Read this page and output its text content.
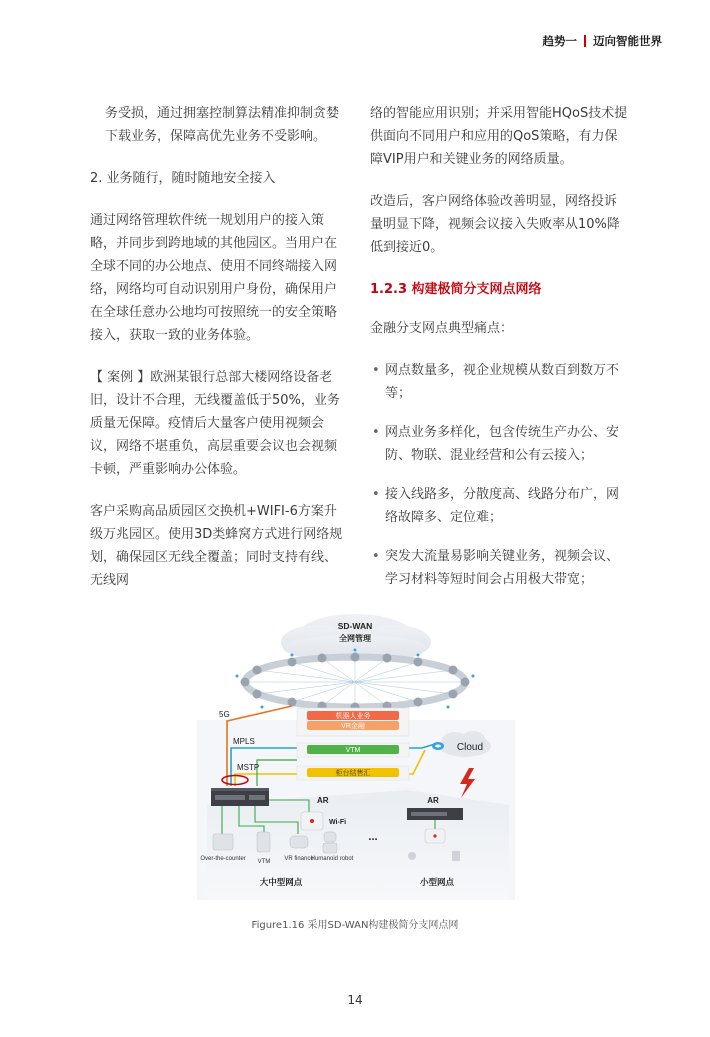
趋势一 迈向智能世界

务受损，通过拥塞控制算法精准抑制贪婪下载业务，保障高优先业务不受影响。

2. 业务随行，随时随地安全接入

通过网络管理软件统一规划用户的接入策略，并同步到跨地域的其他园区。当用户在全球不同的办公地点、使用不同终端接入网络，网络均可自动识别用户身份，确保用户在全球任意办公地均可按照统一的安全策略接入，获取一致的业务体验。

【 案例 】欧洲某银行总部大楼网络设备老旧，设计不合理，无线覆盖低于50%，业务质量无保障。疫情后大量客户使用视频会议，网络不堪重负，高层重要会议也会视频卡顿，严重影响办公体验。

客户采购高品质园区交换机+WIFI-6方案升级万兆园区。使用3D类蜂窝方式进行网络规划，确保园区无线全覆盖；同时支持有线、无线网

络的智能应用识别；并采用智能HQoS技术提供面向不同用户和应用的QoS策略，有力保障VIP用户和关键业务的网络质量。

改造后，客户网络体验改善明显，网络投诉量明显下降，视频会议接入失败率从10%降低到接近0。

1.2.3 构建极简分支网点网络

金融分支网点典型痛点：

• 网点数量多，视企业规模从数百到数万不等；
• 网点业务多样化，包含传统生产办公、安防、物联、混业经营和公有云接入；
• 接入线路多，分散度高、线路分布广，网络故障多、定位难；
• 突发大流量易影响关键业务，视频会议、学习材料等短时间会占用极大带宽；
SD-WAN
全网管理
5G
MPLS
MSTP
机器人业务
VR金融
VTM
柜台结售汇
Cloud
AR
Wi-Fi
Over-the-counter VTM VR finance
Humanoid robot
...
AR
大中型网点	小型网点
Figure1.16 采用SD-WAN构建极简分支网点网
14
